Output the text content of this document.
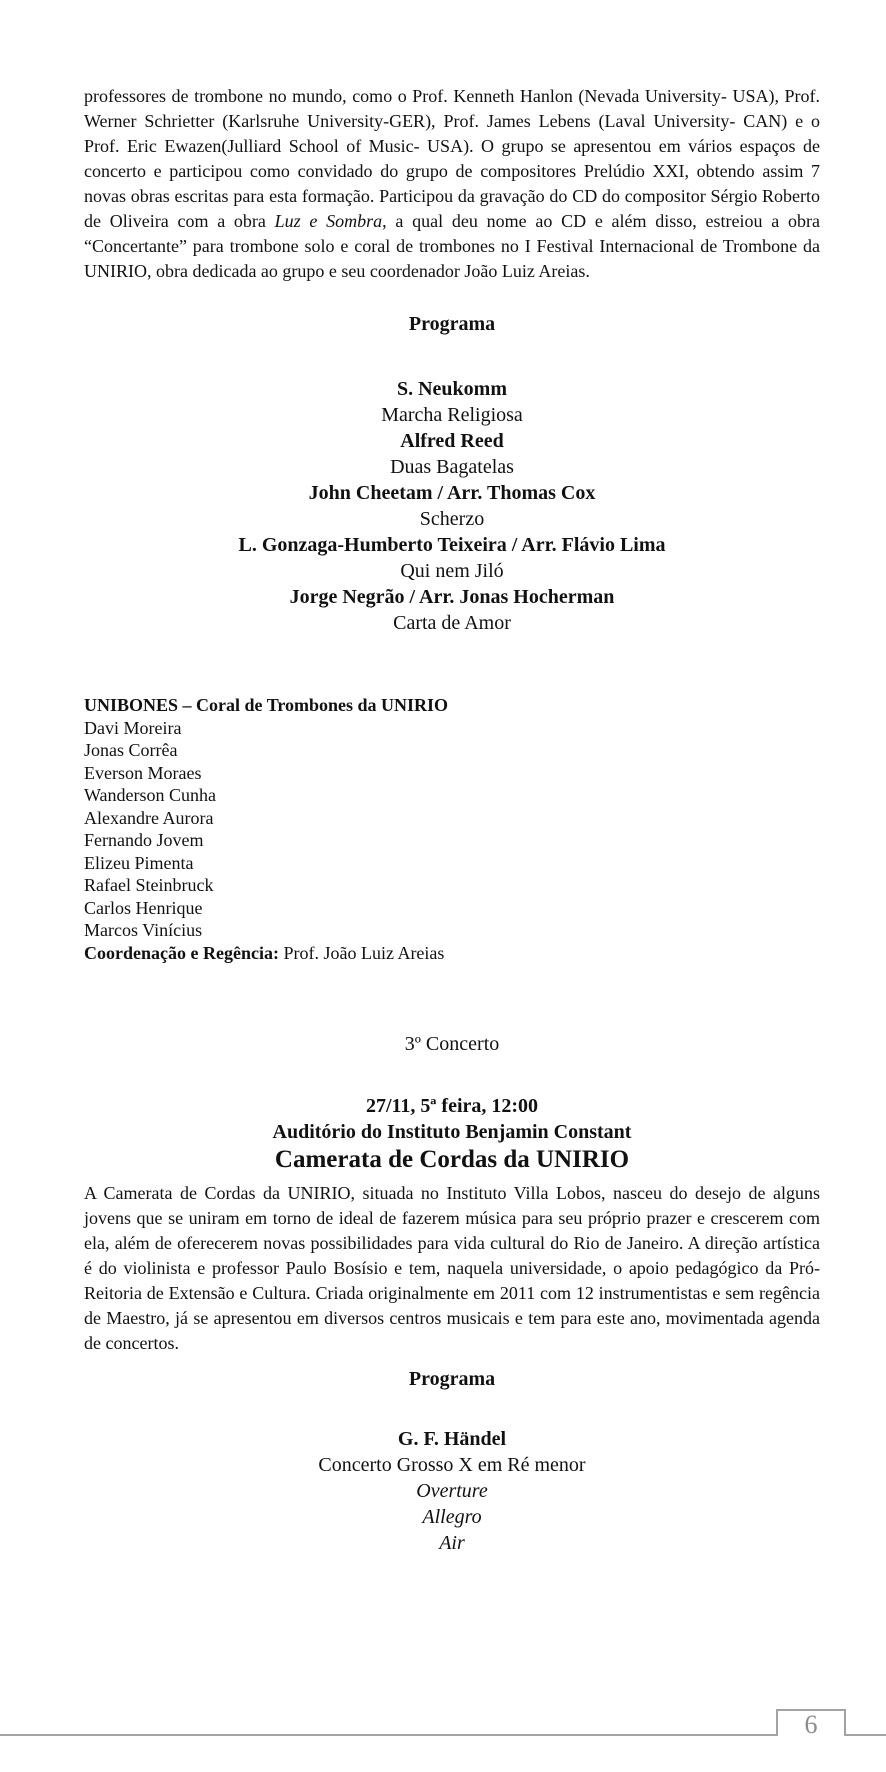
professores de trombone no mundo, como o Prof. Kenneth Hanlon (Nevada University- USA), Prof. Werner Schrietter (Karlsruhe University-GER), Prof. James Lebens (Laval University- CAN) e o Prof. Eric Ewazen(Julliard School of Music- USA). O grupo se apresentou em vários espaços de concerto e participou como convidado do grupo de compositores Prelúdio XXI, obtendo assim 7 novas obras escritas para esta formação. Participou da gravação do CD do compositor Sérgio Roberto de Oliveira com a obra Luz e Sombra, a qual deu nome ao CD e além disso, estreiou a obra “Concertante” para trombone solo e coral de trombones no I Festival Internacional de Trombone da UNIRIO, obra dedicada ao grupo e seu coordenador João Luiz Areias.

Programa
S. Neukomm
Marcha Religiosa
Alfred Reed
Duas Bagatelas
John Cheetam / Arr. Thomas Cox
Scherzo
L. Gonzaga-Humberto Teixeira / Arr. Flávio Lima
Qui nem Jiló
Jorge Negrão / Arr. Jonas Hocherman
Carta de Amor
UNIBONES – Coral de Trombones da UNIRIO
Davi Moreira
Jonas Corrêa
Everson Moraes
Wanderson Cunha
Alexandre Aurora
Fernando Jovem
Elizeu Pimenta
Rafael Steinbruck
Carlos Henrique
Marcos Vinícius
Coordenação e Regência: Prof. João Luiz Areias
3º Concerto
27/11, 5ª feira, 12:00
Auditório do Instituto Benjamin Constant
Camerata de Cordas da UNIRIO

A Camerata de Cordas da UNIRIO, situada no Instituto Villa Lobos, nasceu do desejo de alguns jovens que se uniram em torno de ideal de fazerem música para seu próprio prazer e crescerem com ela, além de oferecerem novas possibilidades para vida cultural do Rio de Janeiro. A direção artística é do violinista e professor Paulo Bosísio e tem, naquela universidade, o apoio pedagógico da Pró-Reitoria de Extensão e Cultura. Criada originalmente em 2011 com 12 instrumentistas e sem regência de Maestro, já se apresentou em diversos centros musicais e tem para este ano, movimentada agenda de concertos.

Programa
G. F. Händel
Concerto Grosso X em Ré menor
Overture
Allegro
Air
6
